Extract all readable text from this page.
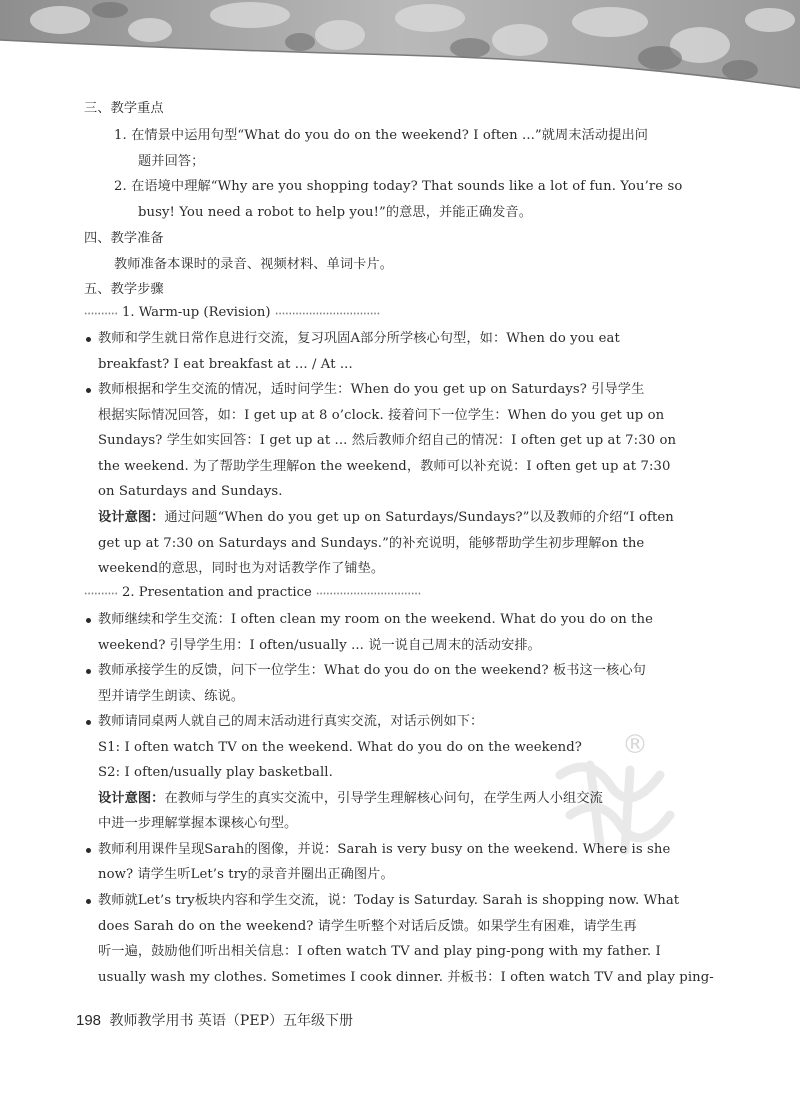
®
三、教学重点
1. 在情景中运用句型“What do you do on the weekend? I often ...”就周末活动提出问
题并回答；
2. 在语境中理解“Why are you shopping today? That sounds like a lot of fun. You’re so
busy! You need a robot to help you!”的意思，并能正确发音。
四、教学准备
教师准备本课时的录音、视频材料、单词卡片。
五、教学步骤
1. Warm-up (Revision)
教师和学生就日常作息进行交流，复习巩固A部分所学核心句型，如：When do you eat
breakfast? I eat breakfast at ... / At ...
教师根据和学生交流的情况，适时问学生：When do you get up on Saturdays? 引导学生
根据实际情况回答，如：I get up at 8 o’clock. 接着问下一位学生：When do you get up on
Sundays? 学生如实回答：I get up at ... 然后教师介绍自己的情况：I often get up at 7:30 on
the weekend. 为了帮助学生理解on the weekend，教师可以补充说：I often get up at 7:30
on Saturdays and Sundays.
设计意图：通过问题“When do you get up on Saturdays/Sundays?”以及教师的介绍“I often
get up at 7:30 on Saturdays and Sundays.”的补充说明，能够帮助学生初步理解on the
weekend的意思，同时也为对话教学作了铺垫。
2. Presentation and practice
教师继续和学生交流：I often clean my room on the weekend. What do you do on the
weekend? 引导学生用：I often/usually ... 说一说自己周末的活动安排。
教师承接学生的反馈，问下一位学生：What do you do on the weekend? 板书这一核心句
型并请学生朗读、练说。
教师请同桌两人就自己的周末活动进行真实交流，对话示例如下：
S1: I often watch TV on the weekend. What do you do on the weekend?
S2: I often/usually play basketball.
设计意图：在教师与学生的真实交流中，引导学生理解核心问句，在学生两人小组交流
中进一步理解掌握本课核心句型。
教师利用课件呈现Sarah的图像，并说：Sarah is very busy on the weekend. Where is she
now? 请学生听Let’s try的录音并圈出正确图片。
教师就Let’s try板块内容和学生交流，说：Today is Saturday. Sarah is shopping now. What
does Sarah do on the weekend? 请学生听整个对话后反馈。如果学生有困难，请学生再
听一遍，鼓励他们听出相关信息：I often watch TV and play ping-pong with my father. I
usually wash my clothes. Sometimes I cook dinner. 并板书：I often watch TV and play ping-
198 教师教学用书 英语（PEP）五年级下册
